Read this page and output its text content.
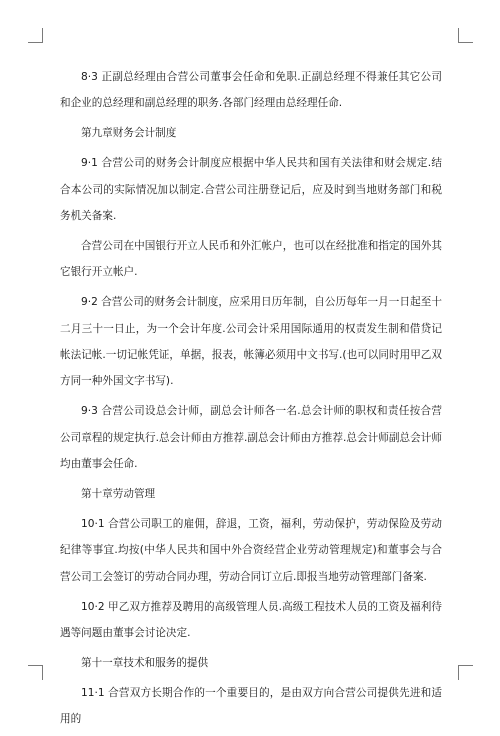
8·3 正副总经理由合营公司董事会任命和免职.正副总经理不得兼任其它公司和企业的总经理和副总经理的职务.各部门经理由总经理任命.

第九章财务会计制度

9·1 合营公司的财务会计制度应根据中华人民共和国有关法律和财会规定.结合本公司的实际情况加以制定.合营公司注册登记后，应及时到当地财务部门和税务机关备案.

合营公司在中国银行开立人民币和外汇帐户，也可以在经批准和指定的国外其它银行开立帐户.

9·2 合营公司的财务会计制度，应采用日历年制，自公历每年一月一日起至十二月三十一日止，为一个会计年度.公司会计采用国际通用的权责发生制和借贷记帐法记帐.一切记帐凭证，单据，报表，帐簿必须用中文书写.(也可以同时用甲乙双方同一种外国文字书写).

9·3 合营公司设总会计师，副总会计师各一名.总会计师的职权和责任按合营公司章程的规定执行.总会计师由方推荐.副总会计师由方推荐.总会计师副总会计师均由董事会任命.

第十章劳动管理

10·1 合营公司职工的雇佣，辞退，工资，福利，劳动保护，劳动保险及劳动纪律等事宜.均按(中华人民共和国中外合资经营企业劳动管理规定)和董事会与合营公司工会签订的劳动合同办理，劳动合同订立后.即报当地劳动管理部门备案.

10·2 甲乙双方推荐及聘用的高级管理人员.高级工程技术人员的工资及福利待遇等问题由董事会讨论决定.

第十一章技术和服务的提供

11·1 合营双方长期合作的一个重要目的，是由双方向合营公司提供先进和适用的
